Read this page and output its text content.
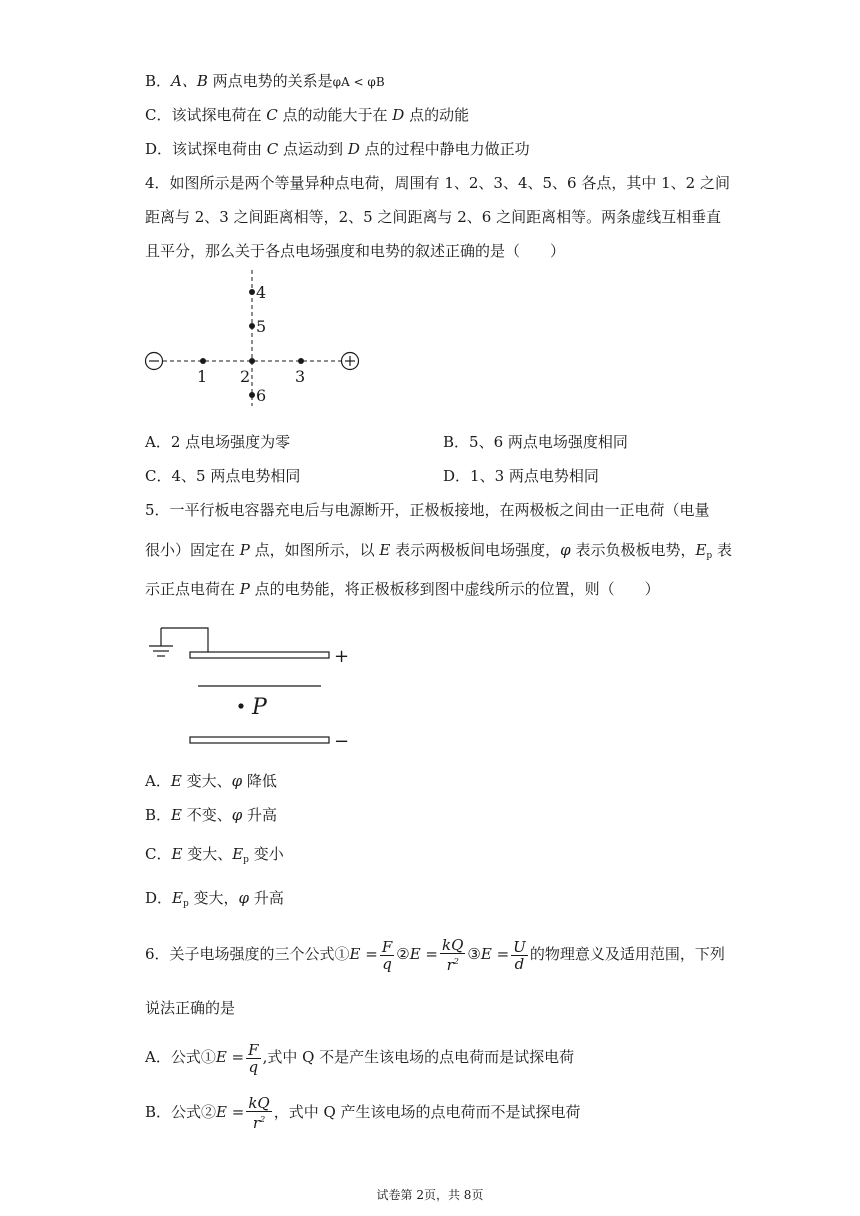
B．A、B 两点电势的关系是φA < φB
C．该试探电荷在 C 点的动能大于在 D 点的动能
D．该试探电荷由 C 点运动到 D 点的过程中静电力做正功
4．如图所示是两个等量异种点电荷，周围有 1、2、3、4、5、6 各点，其中 1、2 之间
距离与 2、3 之间距离相等，2、5 之间距离与 2、6 之间距离相等。两条虚线互相垂直
且平分，那么关于各点电场强度和电势的叙述正确的是（　　）
4
5
1 2	3
6
A．2 点电场强度为零	B．5、6 两点电场强度相同
C．4、5 两点电势相同	D．1、3 两点电势相同
5．一平行板电容器充电后与电源断开，正极板接地，在两极板之间由一正电荷（电量
很小）固定在 P 点，如图所示，以 E 表示两极板间电场强度，φ 表示负极板电势，$E_p$ 表
示正点电荷在 P 点的电势能，将正极板移到图中虚线所示的位置，则（　　）
+
P
−
A．E 变大、φ 降低
B．E 不变、φ 升高
C．E 变大、$E_p$ 变小
D．$E_p$ 变大，φ 升高
6．关子电场强度的三个公式①E = $\frac{F}{q}$ ②E = $\frac{kQ}{r^2}$ ③E = $\frac{U}{d}$ 的物理意义及适用范围，下列
说法正确的是
A．公式①E = $\frac{F}{q}$ ,式中 Q 不是产生该电场的点电荷而是试探电荷
B．公式②E = $\frac{kQ}{r^2}$ ，式中 Q 产生该电场的点电荷而不是试探电荷
试卷第 2页，共 8页
